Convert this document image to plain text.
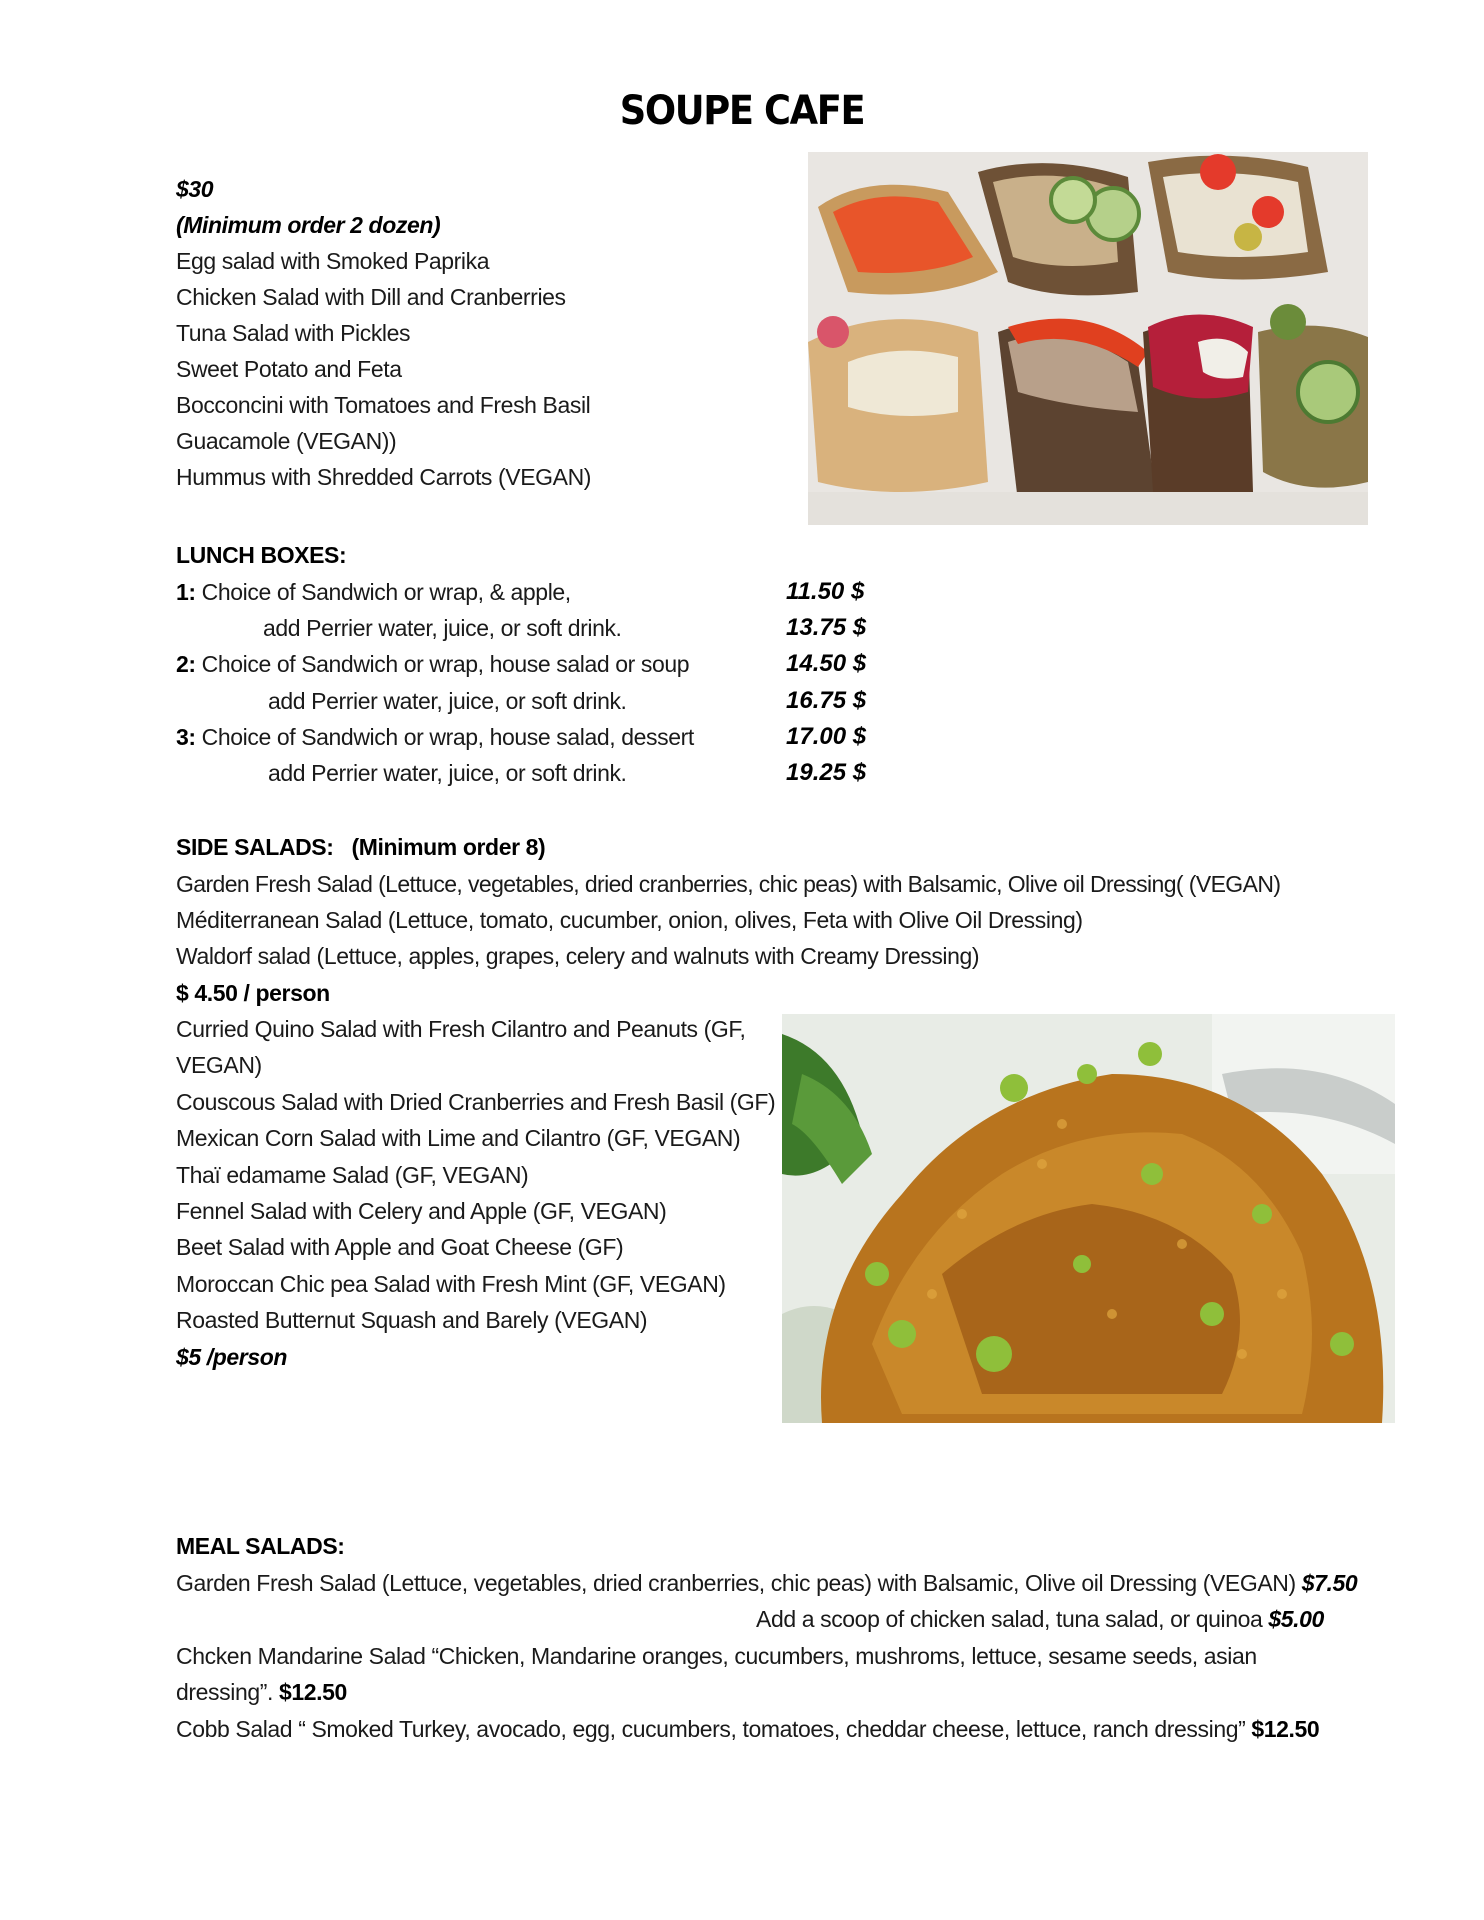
SOUPE CAFE
$30
(Minimum order 2 dozen)
Egg salad with Smoked Paprika
Chicken Salad with Dill and Cranberries
Tuna Salad with Pickles
Sweet Potato and Feta
Bocconcini with Tomatoes and Fresh Basil
Guacamole (VEGAN))
Hummus with Shredded Carrots (VEGAN)
LUNCH BOXES:
1: Choice of Sandwich or wrap, & apple,	11.50 $
add Perrier water, juice, or soft drink.	13.75 $
2: Choice of Sandwich or wrap, house salad or soup	14.50 $
add Perrier water, juice, or soft drink.	16.75 $
3: Choice of Sandwich or wrap, house salad, dessert	17.00 $
add Perrier water, juice, or soft drink.	19.25 $
SIDE SALADS:   (Minimum order 8)
Garden Fresh Salad (Lettuce, vegetables, dried cranberries, chic peas) with Balsamic, Olive oil Dressing( (VEGAN)
Méditerranean Salad (Lettuce, tomato, cucumber, onion, olives, Feta with Olive Oil Dressing)
Waldorf salad (Lettuce, apples, grapes, celery and walnuts with Creamy Dressing)
$ 4.50 / person
Curried Quino Salad with Fresh Cilantro and Peanuts (GF,
VEGAN)
Couscous Salad with Dried Cranberries and Fresh Basil (GF)
Mexican Corn Salad with Lime and Cilantro (GF, VEGAN)
Thaï edamame Salad (GF, VEGAN)
Fennel Salad with Celery and Apple (GF, VEGAN)
Beet Salad with Apple and Goat Cheese (GF)
Moroccan Chic pea Salad with Fresh Mint (GF, VEGAN)
Roasted Butternut Squash and Barely (VEGAN)
$5 /person
MEAL SALADS:
Garden Fresh Salad (Lettuce, vegetables, dried cranberries, chic peas) with Balsamic, Olive oil Dressing (VEGAN) $7.50
Add a scoop of chicken salad, tuna salad, or quinoa $5.00
Chcken Mandarine Salad “Chicken, Mandarine oranges, cucumbers, mushroms, lettuce, sesame seeds, asian
dressing”. $12.50
Cobb Salad “ Smoked Turkey, avocado, egg, cucumbers, tomatoes, cheddar cheese, lettuce, ranch dressing” $12.50
